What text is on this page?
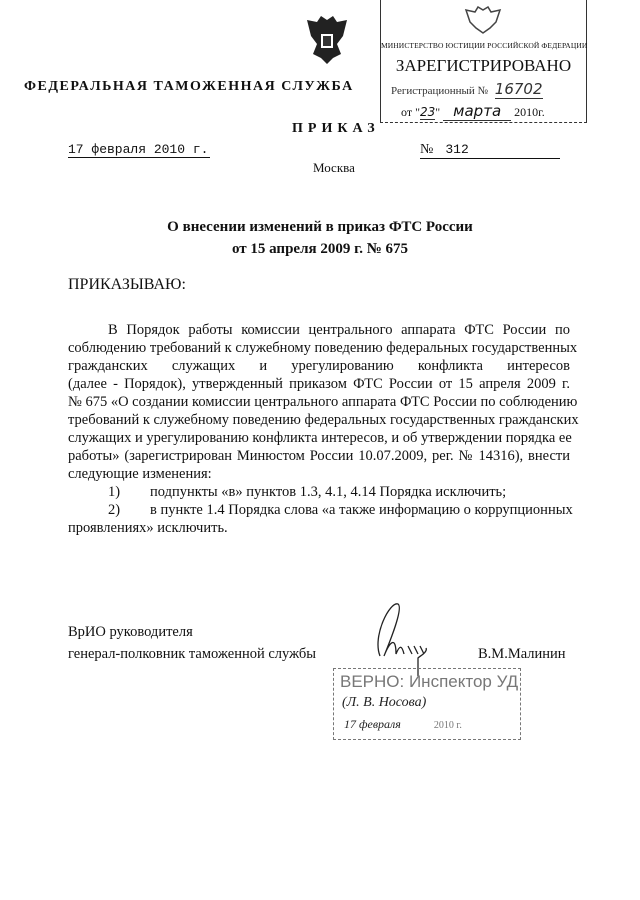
ФЕДЕРАЛЬНАЯ ТАМОЖЕННАЯ СЛУЖБА
МИНИСТЕРСТВО ЮСТИЦИИ РОССИЙСКОЙ ФЕДЕРАЦИИ
ЗАРЕГИСТРИРОВАНО
Регистрационный № 16702
от "23" марта 2010г.
ПРИКАЗ
17 февраля 2010 г.	№ 312
Москва
О внесении изменений в приказ ФТС России
от 15 апреля 2009 г. № 675
ПРИКАЗЫВАЮ:
В Порядок работы комиссии центрального аппарата ФТС России по
соблюдению требований к служебному поведению федеральных государственных
гражданских служащих и урегулированию конфликта интересов
(далее - Порядок), утвержденный приказом ФТС России от 15 апреля 2009 г.
№ 675 «О создании комиссии центрального аппарата ФТС России по соблюдению
требований к служебному поведению федеральных государственных гражданских
служащих и урегулированию конфликта интересов, и об утверждении порядка ее
работы» (зарегистрирован Минюстом России 10.07.2009, рег. № 14316), внести
следующие изменения:
1) подпункты «в» пунктов 1.3, 4.1, 4.14 Порядка исключить;
2) в пункте 1.4 Порядка слова «а также информацию о коррупционных
проявлениях» исключить.
ВрИО руководителя
генерал-полковник таможенной службы	В.М.Малинин
ВЕРНО: Инспектор УД
(Л. В. Носова)
17 февраля	2010 г.
